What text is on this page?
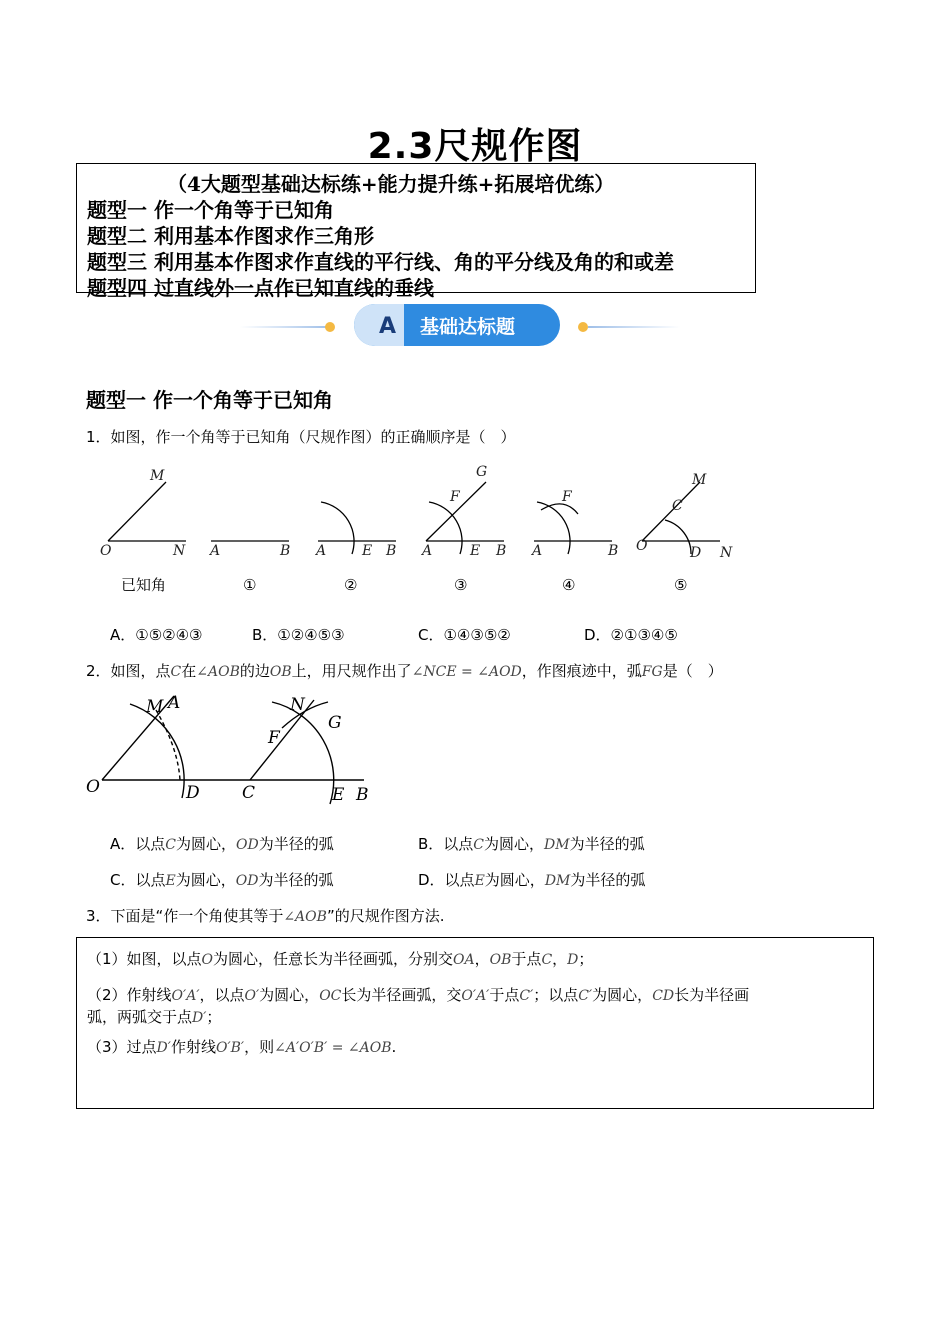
2.3尺规作图
（4大题型基础达标练+能力提升练+拓展培优练）
题型一 作一个角等于已知角
题型二 利用基本作图求作三角形
题型三 利用基本作图求作直线的平行线、角的平分线及角的和或差
题型四 过直线外一点作已知直线的垂线
A 基础达标题
题型一 作一个角等于已知角
1．如图，作一个角等于已知角（尺规作图）的正确顺序是（　）
M
O	N A	B A	E B
G
F
A	E B
F
A	B
M
C
O	D N
已知角	①	②	③	④	⑤
A．①⑤②④③	B．①②④⑤③	C．①④③⑤②	D．②①③④⑤
2．如图，点C在∠AOB的边OB上，用尺规作出了∠NCE = ∠AOD，作图痕迹中，弧FG是（　）
M A
O	D
N
G
F
C	E B
A．以点C为圆心，OD为半径的弧	B．以点C为圆心，DM为半径的弧
C．以点E为圆心，OD为半径的弧	D．以点E为圆心，DM为半径的弧
3．下面是“作一个角使其等于∠AOB”的尺规作图方法.
（1）如图，以点O为圆心，任意长为半径画弧，分别交OA，OB于点C，D；
（2）作射线O′A′，以点O′为圆心，OC长为半径画弧，交O′A′于点C′；以点C′为圆心，CD长为半径画
弧，两弧交于点D′；
（3）过点D′作射线O′B′，则∠A′O′B′ = ∠AOB.
